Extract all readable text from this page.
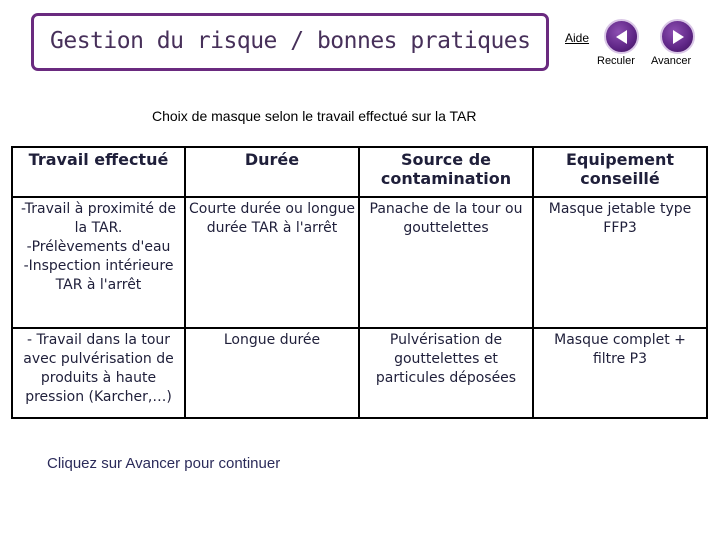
Gestion du risque / bonnes pratiques	Aide
Reculer Avancer
Choix de masque selon le travail effectué sur la TAR
Travail effectué	Durée	Source de contamination	Equipement conseillé

-Travail à proximité de la TAR.
-Prélèvements d'eau
-Inspection intérieure TAR à l'arrêt	Courte durée ou longue durée TAR à l'arrêt	Panache de la tour ou gouttelettes	Masque jetable type FFP3

- Travail dans la tour avec pulvérisation de produits à haute pression (Karcher,…)	Longue durée	Pulvérisation de gouttelettes et particules déposées	Masque complet + filtre P3
Cliquez sur Avancer pour continuer
